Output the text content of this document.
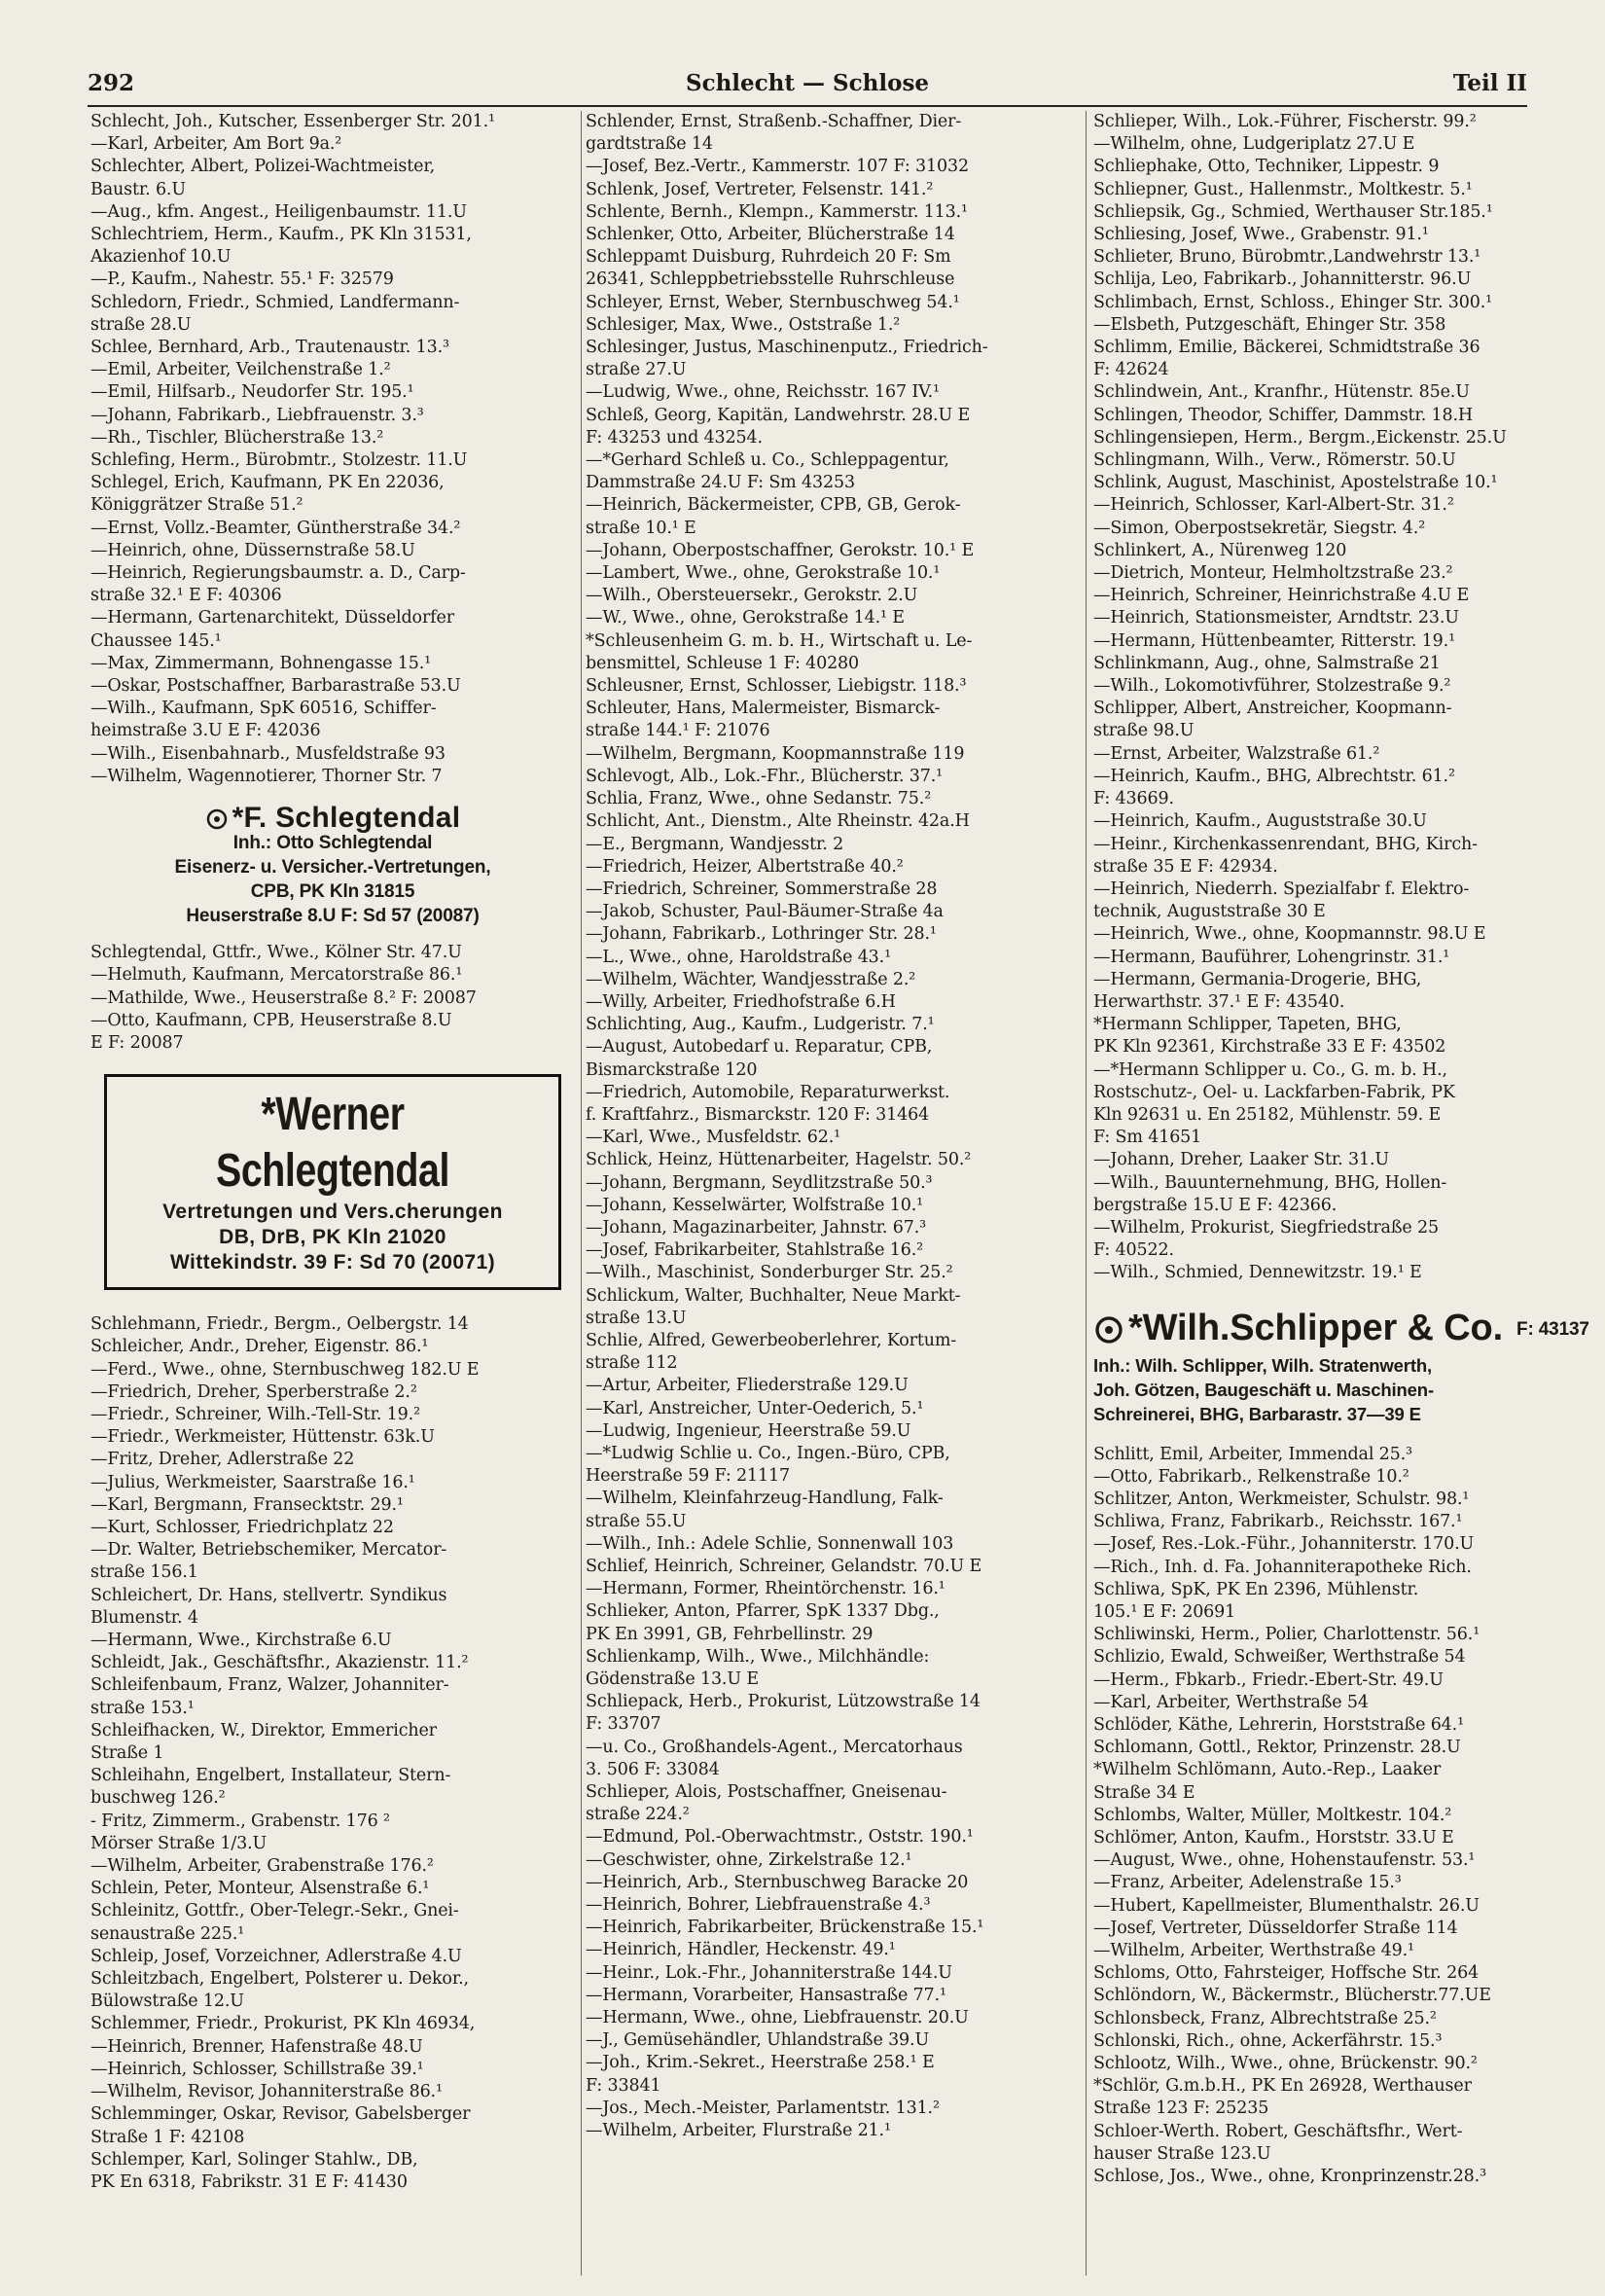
292	Schlecht — Schlose	Teil II
Schlecht, Joh., Kutscher, Essenberger Str. 201.¹
—Karl, Arbeiter, Am Bort 9a.²
Schlechter, Albert, Polizei-Wachtmeister,
Baustr. 6.U
—Aug., kfm. Angest., Heiligenbaumstr. 11.U
Schlechtriem, Herm., Kaufm., PK Kln 31531,
Akazienhof 10.U
—P., Kaufm., Nahestr. 55.¹ F: 32579
Schledorn, Friedr., Schmied, Landfermann-
straße 28.U
Schlee, Bernhard, Arb., Trautenaustr. 13.³
—Emil, Arbeiter, Veilchenstraße 1.²
—Emil, Hilfsarb., Neudorfer Str. 195.¹
—Johann, Fabrikarb., Liebfrauenstr. 3.³
—Rh., Tischler, Blücherstraße 13.²
Schlefing, Herm., Bürobmtr., Stolzestr. 11.U
Schlegel, Erich, Kaufmann, PK En 22036,
Königgrätzer Straße 51.²
—Ernst, Vollz.-Beamter, Güntherstraße 34.²
—Heinrich, ohne, Düssernstraße 58.U
—Heinrich, Regierungsbaumstr. a. D., Carp-
straße 32.¹ E F: 40306
—Hermann, Gartenarchitekt, Düsseldorfer
Chaussee 145.¹
—Max, Zimmermann, Bohnengasse 15.¹
—Oskar, Postschaffner, Barbarastraße 53.U
—Wilh., Kaufmann, SpK 60516, Schiffer-
heimstraße 3.U E F: 42036
—Wilh., Eisenbahnarb., Musfeldstraße 93
—Wilhelm, Wagennotierer, Thorner Str. 7
*F. Schlegtendal
Inh.: Otto Schlegtendal
Eisenerz- u. Versicher.-Vertretungen,
CPB, PK Kln 31815
Heuserstraße 8.U F: Sd 57 (20087)
Schlegtendal, Gttfr., Wwe., Kölner Str. 47.U
—Helmuth, Kaufmann, Mercatorstraße 86.¹
—Mathilde, Wwe., Heuserstraße 8.² F: 20087
—Otto, Kaufmann, CPB, Heuserstraße 8.U
E F: 20087
*Werner Schlegtendal
Vertretungen und Vers.cherungen
DB, DrB, PK Kln 21020
Wittekindstr. 39 F: Sd 70 (20071)
Schlehmann, Friedr., Bergm., Oelbergstr. 14
Schleicher, Andr., Dreher, Eigenstr. 86.¹
—Ferd., Wwe., ohne, Sternbuschweg 182.U E
—Friedrich, Dreher, Sperberstraße 2.²
—Friedr., Schreiner, Wilh.-Tell-Str. 19.²
—Friedr., Werkmeister, Hüttenstr. 63k.U
—Fritz, Dreher, Adlerstraße 22
—Julius, Werkmeister, Saarstraße 16.¹
—Karl, Bergmann, Fransecktstr. 29.¹
—Kurt, Schlosser, Friedrichplatz 22
—Dr. Walter, Betriebschemiker, Mercator-
straße 156.1
Schleichert, Dr. Hans, stellvertr. Syndikus
Blumenstr. 4
—Hermann, Wwe., Kirchstraße 6.U
Schleidt, Jak., Geschäftsfhr., Akazienstr. 11.²
Schleifenbaum, Franz, Walzer, Johanniter-
straße 153.¹
Schleifhacken, W., Direktor, Emmericher
Straße 1
Schleihahn, Engelbert, Installateur, Stern-
buschweg 126.²
- Fritz, Zimmerm., Grabenstr. 176 ²
Mörser Straße 1/3.U
—Wilhelm, Arbeiter, Grabenstraße 176.²
Schlein, Peter, Monteur, Alsenstraße 6.¹
Schleinitz, Gottfr., Ober-Telegr.-Sekr., Gnei-
senaustraße 225.¹
Schleip, Josef, Vorzeichner, Adlerstraße 4.U
Schleitzbach, Engelbert, Polsterer u. Dekor.,
Bülowstraße 12.U
Schlemmer, Friedr., Prokurist, PK Kln 46934,
—Heinrich, Brenner, Hafenstraße 48.U
—Heinrich, Schlosser, Schillstraße 39.¹
—Wilhelm, Revisor, Johanniterstraße 86.¹
Schlemminger, Oskar, Revisor, Gabelsberger
Straße 1 F: 42108
Schlemper, Karl, Solinger Stahlw., DB,
PK En 6318, Fabrikstr. 31 E F: 41430
Schlender, Ernst, Straßenb.-Schaffner, Dier-
gardtstraße 14
—Josef, Bez.-Vertr., Kammerstr. 107 F: 31032
Schlenk, Josef, Vertreter, Felsenstr. 141.²
Schlente, Bernh., Klempn., Kammerstr. 113.¹
Schlenker, Otto, Arbeiter, Blücherstraße 14
Schleppamt Duisburg, Ruhrdeich 20 F: Sm
26341, Schleppbetriebsstelle Ruhrschleuse
Schleyer, Ernst, Weber, Sternbuschweg 54.¹
Schlesiger, Max, Wwe., Oststraße 1.²
Schlesinger, Justus, Maschinenputz., Friedrich-
straße 27.U
—Ludwig, Wwe., ohne, Reichsstr. 167 IV.¹
Schleß, Georg, Kapitän, Landwehrstr. 28.U E
F: 43253 und 43254.
—*Gerhard Schleß u. Co., Schleppagentur,
Dammstraße 24.U F: Sm 43253
—Heinrich, Bäckermeister, CPB, GB, Gerok-
straße 10.¹ E
—Johann, Oberpostschaffner, Gerokstr. 10.¹ E
—Lambert, Wwe., ohne, Gerokstraße 10.¹
—Wilh., Obersteuersekr., Gerokstr. 2.U
—W., Wwe., ohne, Gerokstraße 14.¹ E
*Schleusenheim G. m. b. H., Wirtschaft u. Le-
bensmittel, Schleuse 1 F: 40280
Schleusner, Ernst, Schlosser, Liebigstr. 118.³
Schleuter, Hans, Malermeister, Bismarck-
straße 144.¹ F: 21076
—Wilhelm, Bergmann, Koopmannstraße 119
Schlevogt, Alb., Lok.-Fhr., Blücherstr. 37.¹
Schlia, Franz, Wwe., ohne Sedanstr. 75.²
Schlicht, Ant., Dienstm., Alte Rheinstr. 42a.H
—E., Bergmann, Wandjesstr. 2
—Friedrich, Heizer, Albertstraße 40.²
—Friedrich, Schreiner, Sommerstraße 28
—Jakob, Schuster, Paul-Bäumer-Straße 4a
—Johann, Fabrikarb., Lothringer Str. 28.¹
—L., Wwe., ohne, Haroldstraße 43.¹
—Wilhelm, Wächter, Wandjesstraße 2.²
—Willy, Arbeiter, Friedhofstraße 6.H
Schlichting, Aug., Kaufm., Ludgeristr. 7.¹
—August, Autobedarf u. Reparatur, CPB,
Bismarckstraße 120
—Friedrich, Automobile, Reparaturwerkst.
f. Kraftfahrz., Bismarckstr. 120 F: 31464
—Karl, Wwe., Musfeldstr. 62.¹
Schlick, Heinz, Hüttenarbeiter, Hagelstr. 50.²
—Johann, Bergmann, Seydlitzstraße 50.³
—Johann, Kesselwärter, Wolfstraße 10.¹
—Johann, Magazinarbeiter, Jahnstr. 67.³
—Josef, Fabrikarbeiter, Stahlstraße 16.²
—Wilh., Maschinist, Sonderburger Str. 25.²
Schlickum, Walter, Buchhalter, Neue Markt-
straße 13.U
Schlie, Alfred, Gewerbeoberlehrer, Kortum-
straße 112
—Artur, Arbeiter, Fliederstraße 129.U
—Karl, Anstreicher, Unter-Oederich, 5.¹
—Ludwig, Ingenieur, Heerstraße 59.U
—*Ludwig Schlie u. Co., Ingen.-Büro, CPB,
Heerstraße 59 F: 21117
—Wilhelm, Kleinfahrzeug-Handlung, Falk-
straße 55.U
—Wilh., Inh.: Adele Schlie, Sonnenwall 103
Schlief, Heinrich, Schreiner, Gelandstr. 70.U E
—Hermann, Former, Rheintörchenstr. 16.¹
Schlieker, Anton, Pfarrer, SpK 1337 Dbg.,
PK En 3991, GB, Fehrbellinstr. 29
Schlienkamp, Wilh., Wwe., Milchhändle:
Gödenstraße 13.U E
Schliepack, Herb., Prokurist, Lützowstraße 14
F: 33707
—u. Co., Großhandels-Agent., Mercatorhaus
3. 506 F: 33084
Schlieper, Alois, Postschaffner, Gneisenau-
straße 224.²
—Edmund, Pol.-Oberwachtmstr., Oststr. 190.¹
—Geschwister, ohne, Zirkelstraße 12.¹
—Heinrich, Arb., Sternbuschweg Baracke 20
—Heinrich, Bohrer, Liebfrauenstraße 4.³
—Heinrich, Fabrikarbeiter, Brückenstraße 15.¹
—Heinrich, Händler, Heckenstr. 49.¹
—Heinr., Lok.-Fhr., Johanniterstraße 144.U
—Hermann, Vorarbeiter, Hansastraße 77.¹
—Hermann, Wwe., ohne, Liebfrauenstr. 20.U
—J., Gemüsehändler, Uhlandstraße 39.U
—Joh., Krim.-Sekret., Heerstraße 258.¹ E
F: 33841
—Jos., Mech.-Meister, Parlamentstr. 131.²
—Wilhelm, Arbeiter, Flurstraße 21.¹
Schlieper, Wilh., Lok.-Führer, Fischerstr. 99.²
—Wilhelm, ohne, Ludgeriplatz 27.U E
Schliephake, Otto, Techniker, Lippestr. 9
Schliepner, Gust., Hallenmstr., Moltkestr. 5.¹
Schliepsik, Gg., Schmied, Werthauser Str.185.¹
Schliesing, Josef, Wwe., Grabenstr. 91.¹
Schlieter, Bruno, Bürobmtr.,Landwehrstr 13.¹
Schlija, Leo, Fabrikarb., Johannitterstr. 96.U
Schlimbach, Ernst, Schloss., Ehinger Str. 300.¹
—Elsbeth, Putzgeschäft, Ehinger Str. 358
Schlimm, Emilie, Bäckerei, Schmidtstraße 36
F: 42624
Schlindwein, Ant., Kranfhr., Hütenstr. 85e.U
Schlingen, Theodor, Schiffer, Dammstr. 18.H
Schlingensiepen, Herm., Bergm.,Eickenstr. 25.U
Schlingmann, Wilh., Verw., Römerstr. 50.U
Schlink, August, Maschinist, Apostelstraße 10.¹
—Heinrich, Schlosser, Karl-Albert-Str. 31.²
—Simon, Oberpostsekretär, Siegstr. 4.²
Schlinkert, A., Nürenweg 120
—Dietrich, Monteur, Helmholtzstraße 23.²
—Heinrich, Schreiner, Heinrichstraße 4.U E
—Heinrich, Stationsmeister, Arndtstr. 23.U
—Hermann, Hüttenbeamter, Ritterstr. 19.¹
Schlinkmann, Aug., ohne, Salmstraße 21
—Wilh., Lokomotivführer, Stolzestraße 9.²
Schlipper, Albert, Anstreicher, Koopmann-
straße 98.U
—Ernst, Arbeiter, Walzstraße 61.²
—Heinrich, Kaufm., BHG, Albrechtstr. 61.²
F: 43669.
—Heinrich, Kaufm., Auguststraße 30.U
—Heinr., Kirchenkassenrendant, BHG, Kirch-
straße 35 E F: 42934.
—Heinrich, Niederrh. Spezialfabr f. Elektro-
technik, Auguststraße 30 E
—Heinrich, Wwe., ohne, Koopmannstr. 98.U E
—Hermann, Bauführer, Lohengrinstr. 31.¹
—Hermann, Germania-Drogerie, BHG,
Herwarthstr. 37.¹ E F: 43540.
*Hermann Schlipper, Tapeten, BHG,
PK Kln 92361, Kirchstraße 33 E F: 43502
—*Hermann Schlipper u. Co., G. m. b. H.,
Rostschutz-, Oel- u. Lackfarben-Fabrik, PK
Kln 92631 u. En 25182, Mühlenstr. 59. E
F: Sm 41651
—Johann, Dreher, Laaker Str. 31.U
—Wilh., Bauunternehmung, BHG, Hollen-
bergstraße 15.U E F: 42366.
—Wilhelm, Prokurist, Siegfriedstraße 25
F: 40522.
—Wilh., Schmied, Dennewitzstr. 19.¹ E
*Wilh.Schlipper & Co. F: 43137
Inh.: Wilh. Schlipper, Wilh. Stratenwerth,
Joh. Götzen, Baugeschäft u. Maschinen-
Schreinerei, BHG, Barbarastr. 37—39 E
Schlitt, Emil, Arbeiter, Immendal 25.³
—Otto, Fabrikarb., Relkenstraße 10.²
Schlitzer, Anton, Werkmeister, Schulstr. 98.¹
Schliwa, Franz, Fabrikarb., Reichsstr. 167.¹
—Josef, Res.-Lok.-Führ., Johanniterstr. 170.U
—Rich., Inh. d. Fa. Johanniterapotheke Rich.
Schliwa, SpK, PK En 2396, Mühlenstr.
105.¹ E F: 20691
Schliwinski, Herm., Polier, Charlottenstr. 56.¹
Schlizio, Ewald, Schweißer, Werthstraße 54
—Herm., Fbkarb., Friedr.-Ebert-Str. 49.U
—Karl, Arbeiter, Werthstraße 54
Schlöder, Käthe, Lehrerin, Horststraße 64.¹
Schlomann, Gottl., Rektor, Prinzenstr. 28.U
*Wilhelm Schlömann, Auto.-Rep., Laaker
Straße 34 E
Schlombs, Walter, Müller, Moltkestr. 104.²
Schlömer, Anton, Kaufm., Horststr. 33.U E
—August, Wwe., ohne, Hohenstaufenstr. 53.¹
—Franz, Arbeiter, Adelenstraße 15.³
—Hubert, Kapellmeister, Blumenthalstr. 26.U
—Josef, Vertreter, Düsseldorfer Straße 114
—Wilhelm, Arbeiter, Werthstraße 49.¹
Schloms, Otto, Fahrsteiger, Hoffsche Str. 264
Schlöndorn, W., Bäckermstr., Blücherstr.77.UE
Schlonsbeck, Franz, Albrechtstraße 25.²
Schlonski, Rich., ohne, Ackerfährstr. 15.³
Schlootz, Wilh., Wwe., ohne, Brückenstr. 90.²
*Schlör, G.m.b.H., PK En 26928, Werthauser
Straße 123 F: 25235
Schloer-Werth. Robert, Geschäftsfhr., Wert-
hauser Straße 123.U
Schlose, Jos., Wwe., ohne, Kronprinzenstr.28.³
